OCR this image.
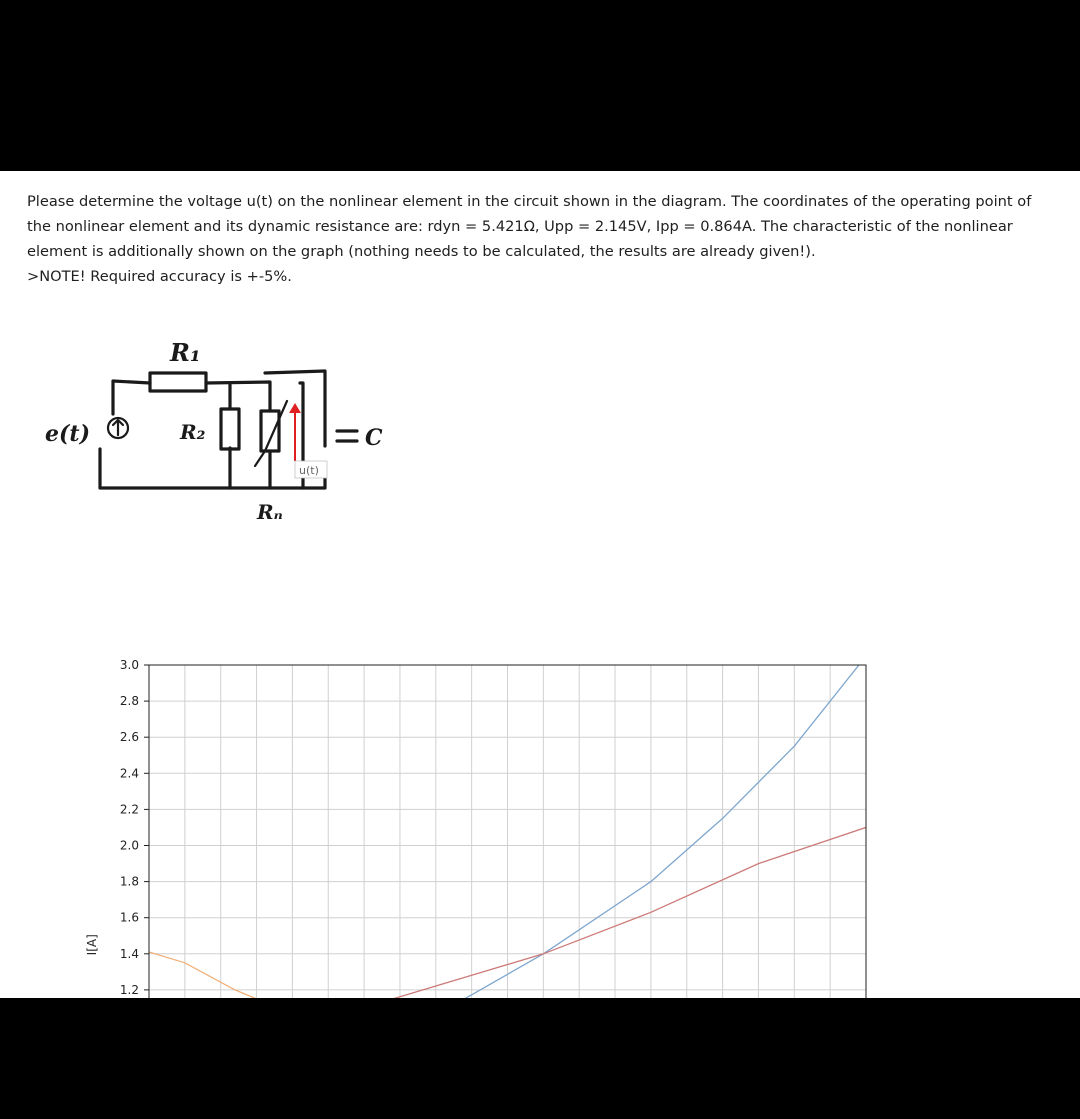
Please determine the voltage u(t) on the nonlinear element in the circuit shown in the diagram. The coordinates of the operating point of

the nonlinear element and its dynamic resistance are: rdyn = 5.421Ω, Upp = 2.145V, Ipp = 0.864A. The characteristic of the nonlinear

element is additionally shown on the graph (nothing needs to be calculated, the results are already given!).

>NOTE! Required accuracy is +-5%.

e(t)	R₂
Rₙ
C
R₁
u(t)
3.0
2.8
2.6
2.4
2.2
2.0
1.8
1.6
1.4
1.2
I[A]
